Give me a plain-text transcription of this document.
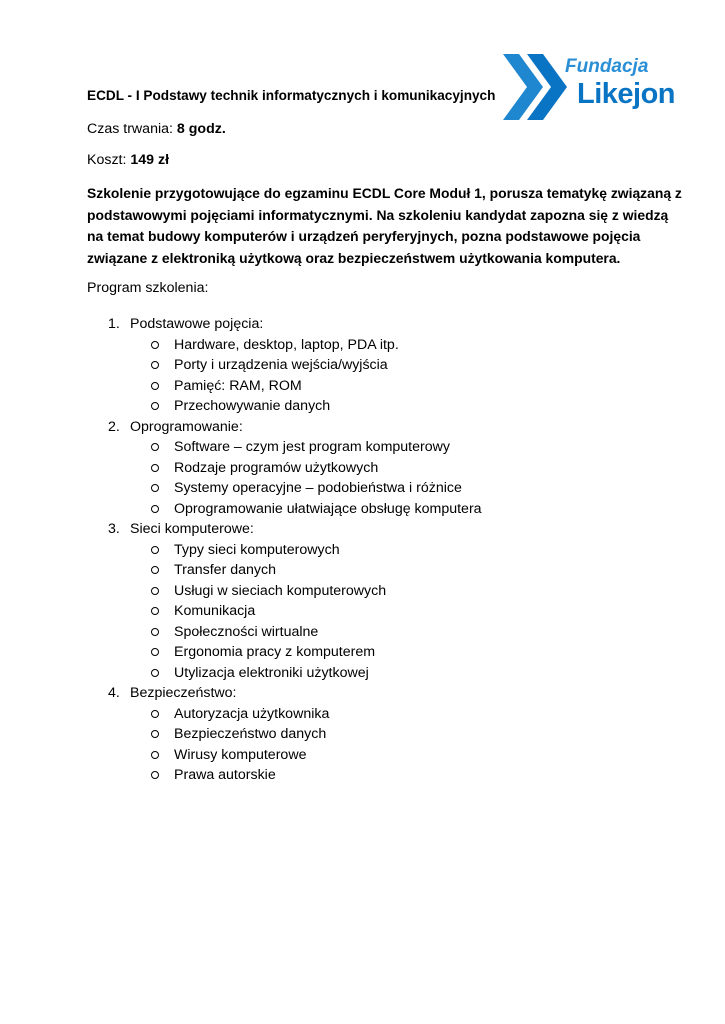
Fundacja
Likejon
ECDL - I Podstawy technik informatycznych i komunikacyjnych
Czas trwania: 8 godz.
Koszt: 149 zł
Szkolenie przygotowujące do egzaminu ECDL Core Moduł 1, porusza tematykę związaną z
podstawowymi pojęciami informatycznymi. Na szkoleniu kandydat zapozna się z wiedzą
na temat budowy komputerów i urządzeń peryferyjnych, pozna podstawowe pojęcia
związane z elektroniką użytkową oraz bezpieczeństwem użytkowania komputera.
Program szkolenia:
1. Podstawowe pojęcia:
Hardware, desktop, laptop, PDA itp.
Porty i urządzenia wejścia/wyjścia
Pamięć: RAM, ROM
Przechowywanie danych
2. Oprogramowanie:
Software – czym jest program komputerowy
Rodzaje programów użytkowych
Systemy operacyjne – podobieństwa i różnice
Oprogramowanie ułatwiające obsługę komputera
3. Sieci komputerowe:
Typy sieci komputerowych
Transfer danych
Usługi w sieciach komputerowych
Komunikacja
Społeczności wirtualne
Ergonomia pracy z komputerem
Utylizacja elektroniki użytkowej
4. Bezpieczeństwo:
Autoryzacja użytkownika
Bezpieczeństwo danych
Wirusy komputerowe
Prawa autorskie
